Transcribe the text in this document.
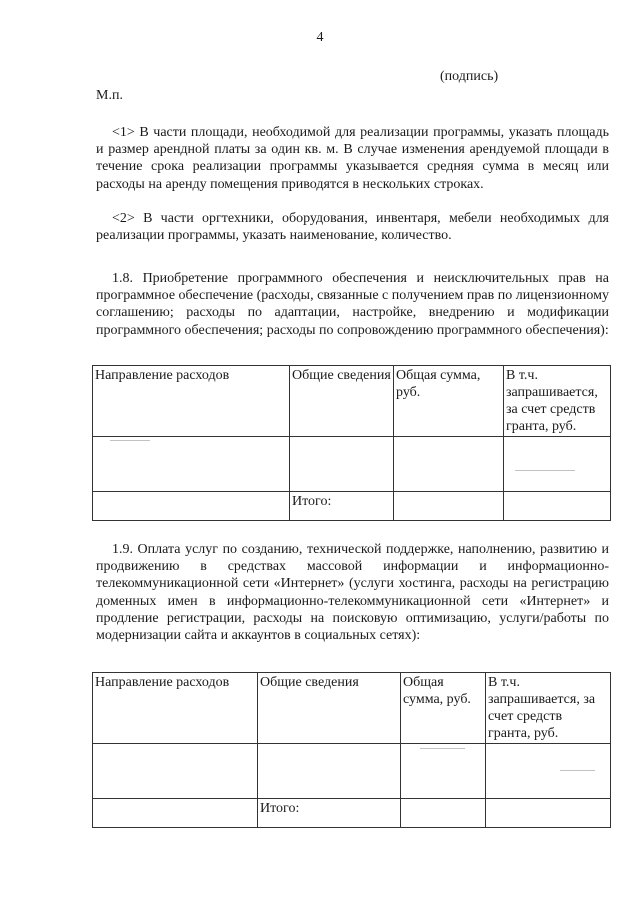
4
(подпись)
М.п.

<1> В части площади, необходимой для реализации программы, указать площадь и размер арендной платы за один кв. м. В случае изменения арендуемой площади в течение срока реализации программы указывается средняя сумма в месяц или расходы на аренду помещения приводятся в нескольких строках.

<2> В части оргтехники, оборудования, инвентаря, мебели необходимых для реализации программы, указать наименование, количество.

1.8. Приобретение программного обеспечения и неисключительных прав на программное обеспечение (расходы, связанные с получением прав по лицензионному соглашению; расходы по адаптации, настройке, внедрению и модификации программного обеспечения; расходы по сопровождению программного обеспечения):

Направление расходов	Общие сведения	Общая сумма, руб.	В т.ч. запрашивается, за счет средств гранта, руб.

	Итого:		

1.9. Оплата услуг по созданию, технической поддержке, наполнению, развитию и продвижению в средствах массовой информации и информационно-телекоммуникационной сети «Интернет» (услуги хостинга, расходы на регистрацию доменных имен в информационно-телекоммуникационной сети «Интернет» и продление регистрации, расходы на поисковую оптимизацию, услуги/работы по модернизации сайта и аккаунтов в социальных сетях):

Направление расходов	Общие сведения	Общая сумма, руб.	В т.ч. запрашивается, за счет средств гранта, руб.

	Итого:		
